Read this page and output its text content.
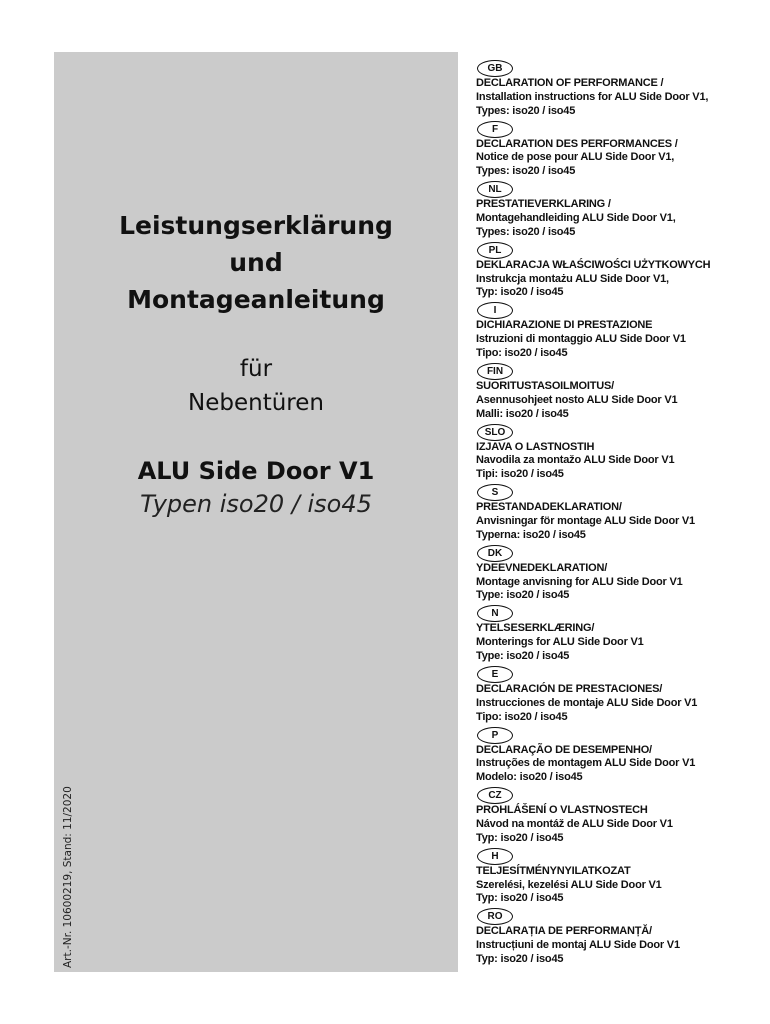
Leistungserklärung
und
Montageanleitung
für
Nebentüren
ALU Side Door V1
Typen iso20 / iso45
Art.-Nr. 10600219, Stand: 11/2020
GB
DECLARATION OF PERFORMANCE /
Installation instructions for ALU Side Door V1,
Types: iso20 / iso45
F
DECLARATION DES PERFORMANCES /
Notice de pose pour ALU Side Door V1,
Types: iso20 / iso45
NL
PRESTATIEVERKLARING /
Montagehandleiding ALU Side Door V1,
Types: iso20 / iso45
PL
DEKLARACJA WŁAŚCIWOŚCI UŻYTKOWYCH
Instrukcja montażu ALU Side Door V1,
Typ: iso20 / iso45
I
DICHIARAZIONE DI PRESTAZIONE
Istruzioni di montaggio ALU Side Door V1
Tipo: iso20 / iso45
FIN
SUORITUSTASOILMOITUS/
Asennusohjeet nosto ALU Side Door V1
Malli: iso20 / iso45
SLO
IZJAVA O LASTNOSTIH
Navodila za montažo ALU Side Door V1
Tipi: iso20 / iso45
S
PRESTANDADEKLARATION/
Anvisningar för montage ALU Side Door V1
Typerna: iso20 / iso45
DK
YDEEVNEDEKLARATION/
Montage anvisning for ALU Side Door V1
Type: iso20 / iso45
N
YTELSESERKLÆRING/
Monterings for ALU Side Door V1
Type: iso20 / iso45
E
DECLARACIÓN DE PRESTACIONES/
Instrucciones de montaje ALU Side Door V1
Tipo: iso20 / iso45
P
DECLARAÇÃO DE DESEMPENHO/
Instruções de montagem ALU Side Door V1
Modelo: iso20 / iso45
CZ
PROHLÁŠENÍ O VLASTNOSTECH
Návod na montáž de ALU Side Door V1
Typ: iso20 / iso45
H
TELJESÍTMÉNYNYILATKOZAT
Szerelési, kezelési ALU Side Door V1
Typ: iso20 / iso45
RO
DECLARAȚIA DE PERFORMANȚĂ/
Instrucțiuni de montaj ALU Side Door V1
Typ: iso20 / iso45
